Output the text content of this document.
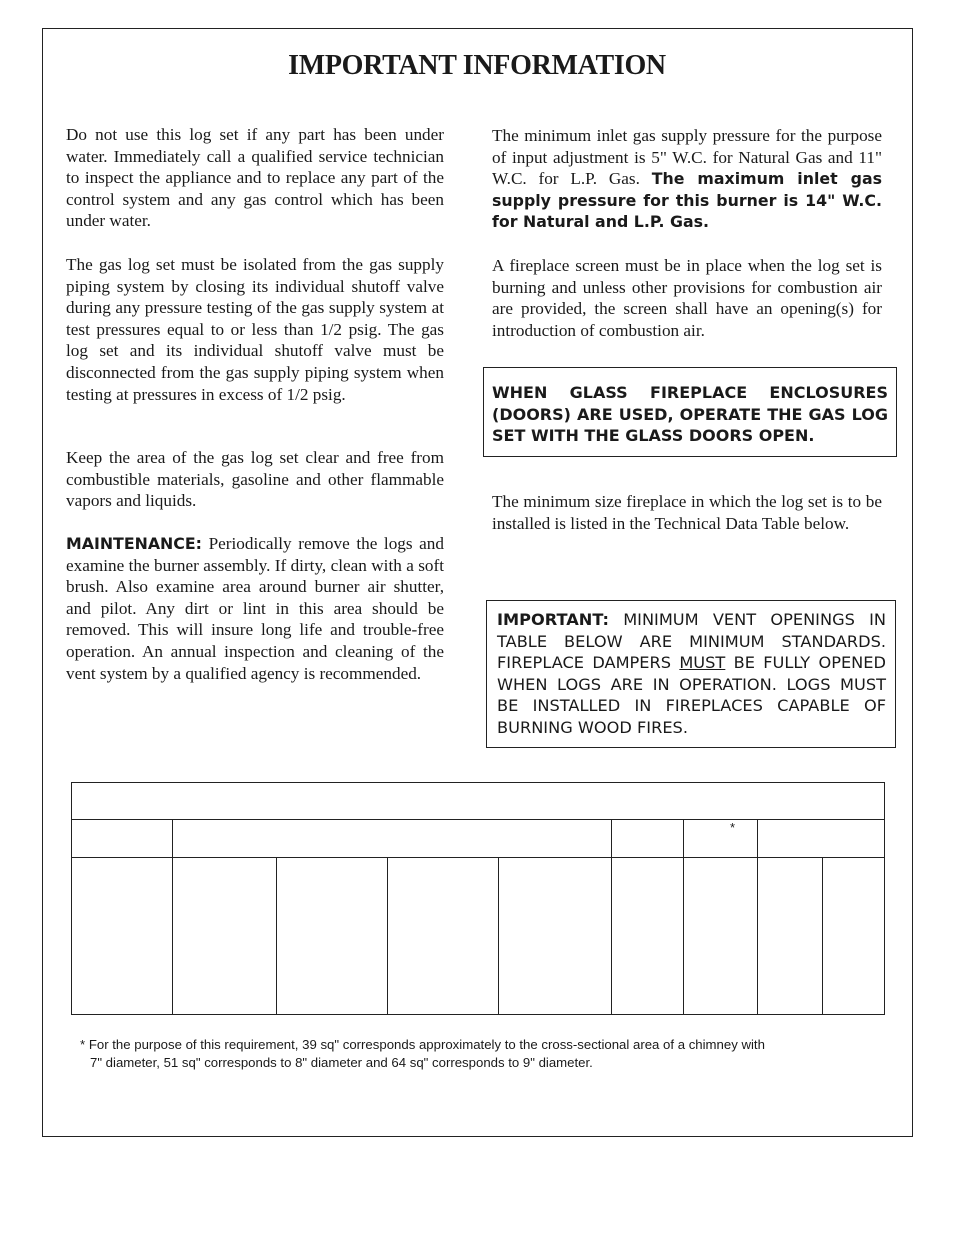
IMPORTANT INFORMATION
Do not use this log set if any part has been under water. Immediately call a qualified service technician to inspect the appliance and to replace any part of the control system and any gas control which has been under water.
The gas log set must be isolated from the gas supply piping system by closing its individual shutoff valve during any pressure testing of the gas supply system at test pressures equal to or less than 1/2 psig. The gas log set and its individual shutoff valve must be disconnected from the gas supply piping system when testing at pressures in excess of 1/2 psig.
Keep the area of the gas log set clear and free from combustible materials, gasoline and other flammable vapors and liquids.
MAINTENANCE: Periodically remove the logs and examine the burner assembly. If dirty, clean with a soft brush. Also examine area around burner air shutter, and pilot. Any dirt or lint in this area should be removed. This will insure long life and trouble-free operation. An annual inspection and cleaning of the vent system by a qualified agency is recommended.
The minimum inlet gas supply pressure for the purpose of input adjustment is 5" W.C. for Natural Gas and 11" W.C. for L.P. Gas. The maximum inlet gas supply pressure for this burner is 14" W.C. for Natural and L.P. Gas.
A fireplace screen must be in place when the log set is burning and unless other provisions for combustion air are provided, the screen shall have an opening(s) for introduction of combustion air.
The minimum size fireplace in which the log set is to be installed is listed in the Technical Data Table below.
WHEN GLASS FIREPLACE ENCLOSURES (DOORS) ARE USED, OPERATE THE GAS LOG SET WITH THE GLASS DOORS OPEN.
IMPORTANT: MINIMUM VENT OPENINGS IN TABLE BELOW ARE MINIMUM STANDARDS. FIREPLACE DAMPERS MUST BE FULLY OPENED WHEN LOGS ARE IN OPERATION. LOGS MUST BE INSTALLED IN FIREPLACES CAPABLE OF BURNING WOOD FIRES.
*

* For the purpose of this requirement, 39 sq" corresponds approximately to the cross-sectional area of a chimney with

7" diameter, 51 sq" corresponds to 8" diameter and 64 sq" corresponds to 9" diameter.
